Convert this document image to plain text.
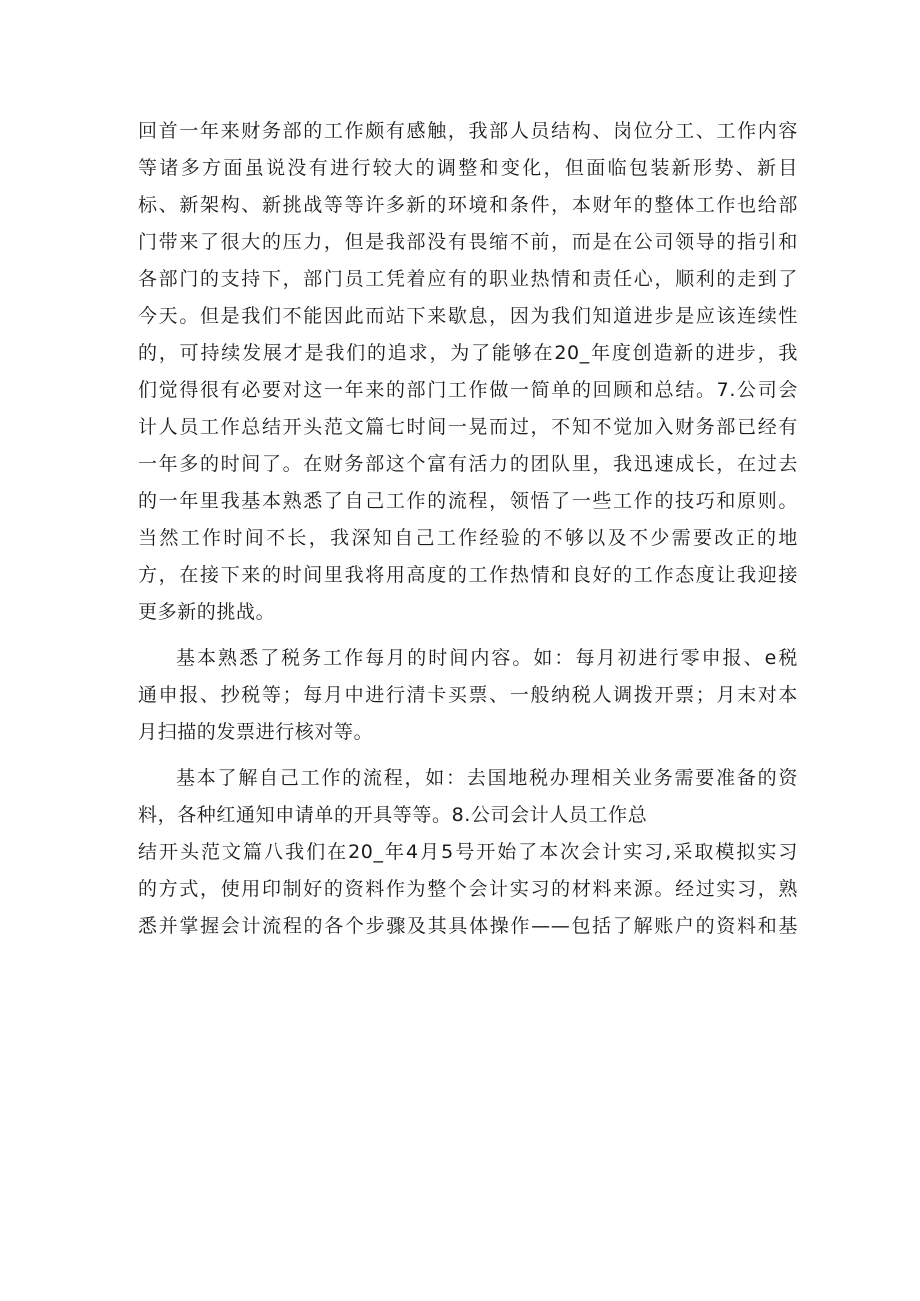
回首一年来财务部的工作颇有感触，我部人员结构、岗位分工、工作内容
等诸多方面虽说没有进行较大的调整和变化，但面临包装新形势、新目
标、新架构、新挑战等等许多新的环境和条件，本财年的整体工作也给部
门带来了很大的压力，但是我部没有畏缩不前，而是在公司领导的指引和
各部门的支持下，部门员工凭着应有的职业热情和责任心，顺利的走到了
今天。但是我们不能因此而站下来歇息，因为我们知道进步是应该连续性
的，可持续发展才是我们的追求，为了能够在20_年度创造新的进步，我
们觉得很有必要对这一年来的部门工作做一简单的回顾和总结。7.公司会
计人员工作总结开头范文篇七时间一晃而过，不知不觉加入财务部已经有
一年多的时间了。在财务部这个富有活力的团队里，我迅速成长，在过去
的一年里我基本熟悉了自己工作的流程，领悟了一些工作的技巧和原则。
当然工作时间不长，我深知自己工作经验的不够以及不少需要改正的地
方，在接下来的时间里我将用高度的工作热情和良好的工作态度让我迎接
更多新的挑战。
基本熟悉了税务工作每月的时间内容。如：每月初进行零申报、e税
通申报、抄税等；每月中进行清卡买票、一般纳税人调拨开票；月末对本
月扫描的发票进行核对等。
基本了解自己工作的流程，如：去国地税办理相关业务需要准备的资
料，各种红通知申请单的开具等等。8.公司会计人员工作总
结开头范文篇八我们在20_年4月5号开始了本次会计实习,采取模拟实习
的方式，使用印制好的资料作为整个会计实习的材料来源。经过实习，熟
悉并掌握会计流程的各个步骤及其具体操作——包括了解账户的资料和基
